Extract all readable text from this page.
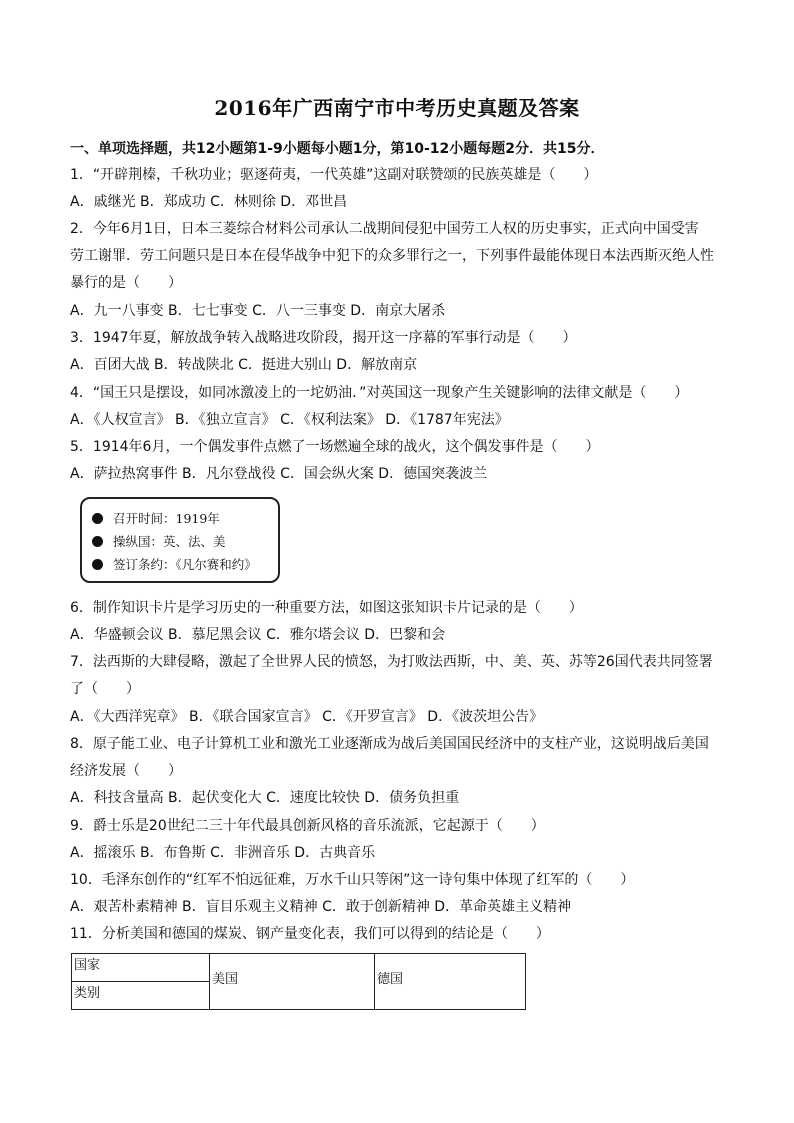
2016年广西南宁市中考历史真题及答案
一、单项选择题，共12小题第1-9小题每小题1分，第10-12小题每题2分．共15分．
1．“开辟荆榛，千秋功业；驱逐荷夷，一代英雄”这副对联赞颂的民族英雄是（　　）
A．戚继光 B．郑成功 C．林则徐 D．邓世昌
2．今年6月1日，日本三菱综合材料公司承认二战期间侵犯中国劳工人权的历史事实，正式向中国受害
劳工谢罪．劳工问题只是日本在侵华战争中犯下的众多罪行之一，下列事件最能体现日本法西斯灭绝人性
暴行的是（　　）
A．九一八事变 B．七七事变 C．八一三事变 D．南京大屠杀
3．1947年夏，解放战争转入战略进攻阶段，揭开这一序幕的军事行动是（　　）
A．百团大战 B．转战陕北 C．挺进大别山 D．解放南京
4．“国王只是摆设，如同冰激凌上的一坨奶油．”对英国这一现象产生关键影响的法律文献是（　　）
A．《人权宣言》 B．《独立宣言》 C．《权利法案》 D．《1787年宪法》
5．1914年6月，一个偶发事件点燃了一场燃遍全球的战火，这个偶发事件是（　　）
A．萨拉热窝事件 B．凡尔登战役 C．国会纵火案 D．德国突袭波兰
召开时间：1919年
操纵国：英、法、美
签订条约：《凡尔赛和约》
6．制作知识卡片是学习历史的一种重要方法，如图这张知识卡片记录的是（　　）
A．华盛顿会议 B．慕尼黑会议 C．雅尔塔会议 D．巴黎和会
7．法西斯的大肆侵略，激起了全世界人民的愤怒，为打败法西斯，中、美、英、苏等26国代表共同签署
了（　　）
A．《大西洋宪章》 B．《联合国家宣言》 C．《开罗宣言》 D．《波茨坦公告》
8．原子能工业、电子计算机工业和激光工业逐渐成为战后美国国民经济中的支柱产业，这说明战后美国
经济发展（　　）
A．科技含量高 B．起伏变化大 C．速度比较快 D．债务负担重
9．爵士乐是20世纪二三十年代最具创新风格的音乐流派，它起源于（　　）
A．摇滚乐 B．布鲁斯 C．非洲音乐 D．古典音乐
10．毛泽东创作的“红军不怕远征难，万水千山只等闲”这一诗句集中体现了红军的（　　）
A．艰苦朴素精神 B．盲目乐观主义精神 C．敢于创新精神 D．革命英雄主义精神
11．分析美国和德国的煤炭、钢产量变化表，我们可以得到的结论是（　　）
国家	美国	德国
类别
